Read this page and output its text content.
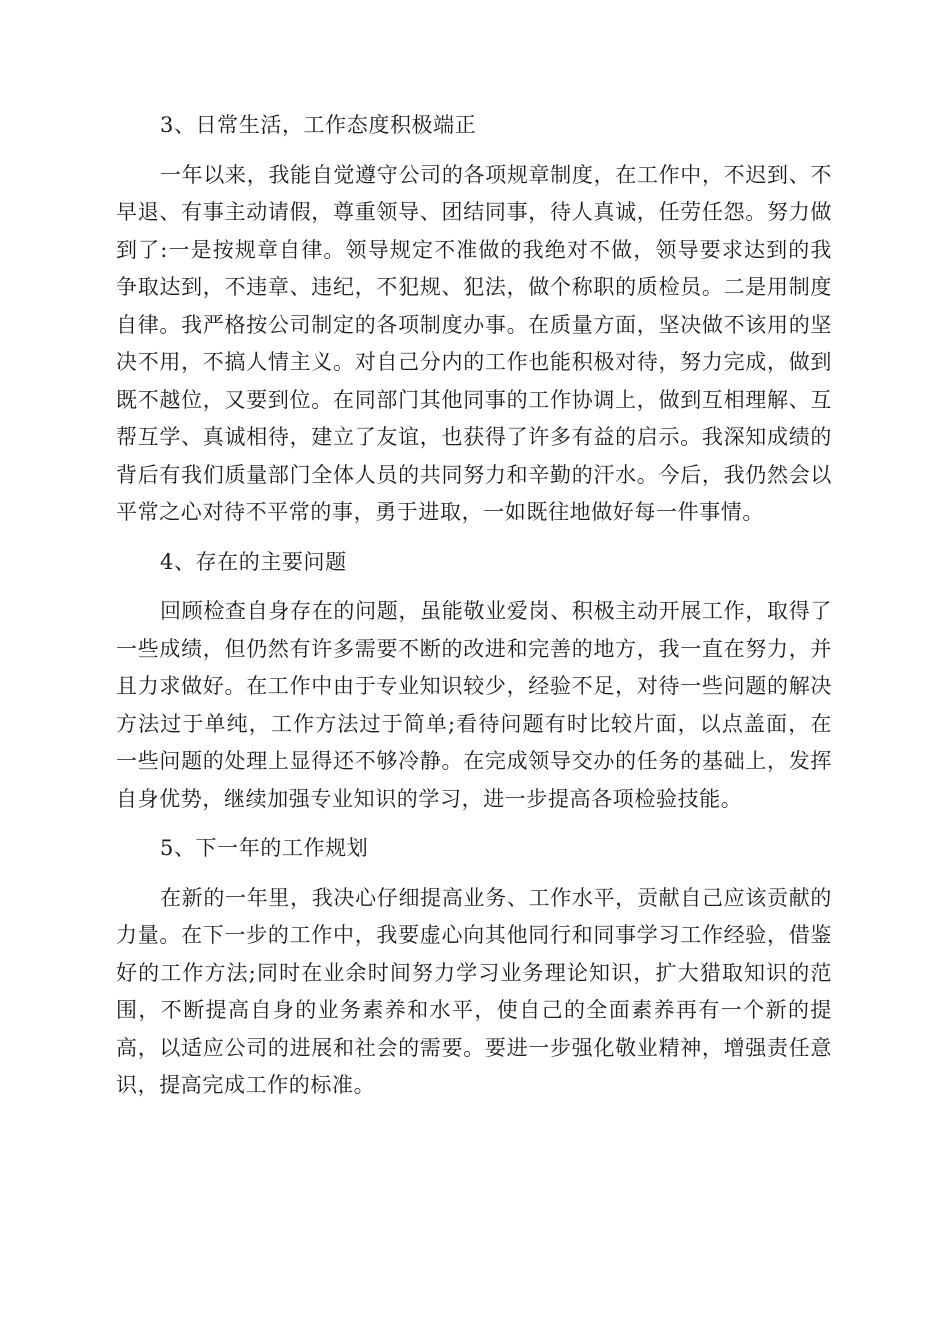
3、日常生活，工作态度积极端正

一年以来，我能自觉遵守公司的各项规章制度，在工作中，不迟到、不早退、有事主动请假，尊重领导、团结同事，待人真诚，任劳任怨。努力做到了:一是按规章自律。领导规定不准做的我绝对不做，领导要求达到的我争取达到，不违章、违纪，不犯规、犯法，做个称职的质检员。二是用制度自律。我严格按公司制定的各项制度办事。在质量方面，坚决做不该用的坚决不用，不搞人情主义。对自己分内的工作也能积极对待，努力完成，做到既不越位，又要到位。在同部门其他同事的工作协调上，做到互相理解、互帮互学、真诚相待，建立了友谊，也获得了许多有益的启示。我深知成绩的背后有我们质量部门全体人员的共同努力和辛勤的汗水。今后，我仍然会以平常之心对待不平常的事，勇于进取，一如既往地做好每一件事情。

4、存在的主要问题

回顾检查自身存在的问题，虽能敬业爱岗、积极主动开展工作，取得了一些成绩，但仍然有许多需要不断的改进和完善的地方，我一直在努力，并且力求做好。在工作中由于专业知识较少，经验不足，对待一些问题的解决方法过于单纯，工作方法过于简单;看待问题有时比较片面，以点盖面，在一些问题的处理上显得还不够冷静。在完成领导交办的任务的基础上，发挥自身优势，继续加强专业知识的学习，进一步提高各项检验技能。

5、下一年的工作规划

在新的一年里，我决心仔细提高业务、工作水平，贡献自己应该贡献的力量。在下一步的工作中，我要虚心向其他同行和同事学习工作经验，借鉴好的工作方法;同时在业余时间努力学习业务理论知识，扩大猎取知识的范围，不断提高自身的业务素养和水平，使自己的全面素养再有一个新的提高，以适应公司的进展和社会的需要。要进一步强化敬业精神，增强责任意识，提高完成工作的标准。
